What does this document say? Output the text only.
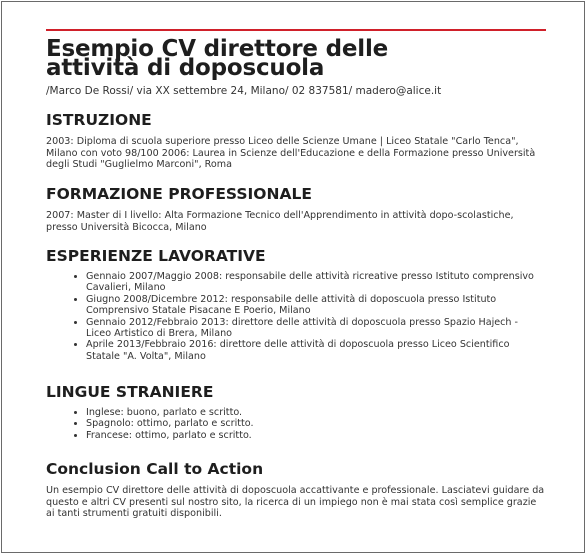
Esempio CV direttore delle attività di doposcuola
/Marco De Rossi/ via XX settembre 24, Milano/ 02 837581/ madero@alice.it
ISTRUZIONE
2003: Diploma di scuola superiore presso Liceo delle Scienze Umane | Liceo Statale "Carlo Tenca", Milano con voto 98/100 2006: Laurea in Scienze dell'Educazione e della Formazione presso Università degli Studi "Guglielmo Marconi", Roma
FORMAZIONE PROFESSIONALE
2007: Master di I livello: Alta Formazione Tecnico dell'Apprendimento in attività dopo-scolastiche, presso Università Bicocca, Milano
ESPERIENZE LAVORATIVE
• Gennaio 2007/Maggio 2008: responsabile delle attività ricreative presso Istituto comprensivo Cavalieri, Milano
• Giugno 2008/Dicembre 2012: responsabile delle attività di doposcuola presso Istituto Comprensivo Statale Pisacane E Poerio, Milano
• Gennaio 2012/Febbraio 2013: direttore delle attività di doposcuola presso Spazio Hajech - Liceo Artistico di Brera, Milano
• Aprile 2013/Febbraio 2016: direttore delle attività di doposcuola presso Liceo Scientifico Statale "A. Volta", Milano
LINGUE STRANIERE
• Inglese: buono, parlato e scritto.
• Spagnolo: ottimo, parlato e scritto.
• Francese: ottimo, parlato e scritto.
Conclusion Call to Action
Un esempio CV direttore delle attività di doposcuola accattivante e professionale. Lasciatevi guidare da questo e altri CV presenti sul nostro sito, la ricerca di un impiego non è mai stata così semplice grazie ai tanti strumenti gratuiti disponibili.
